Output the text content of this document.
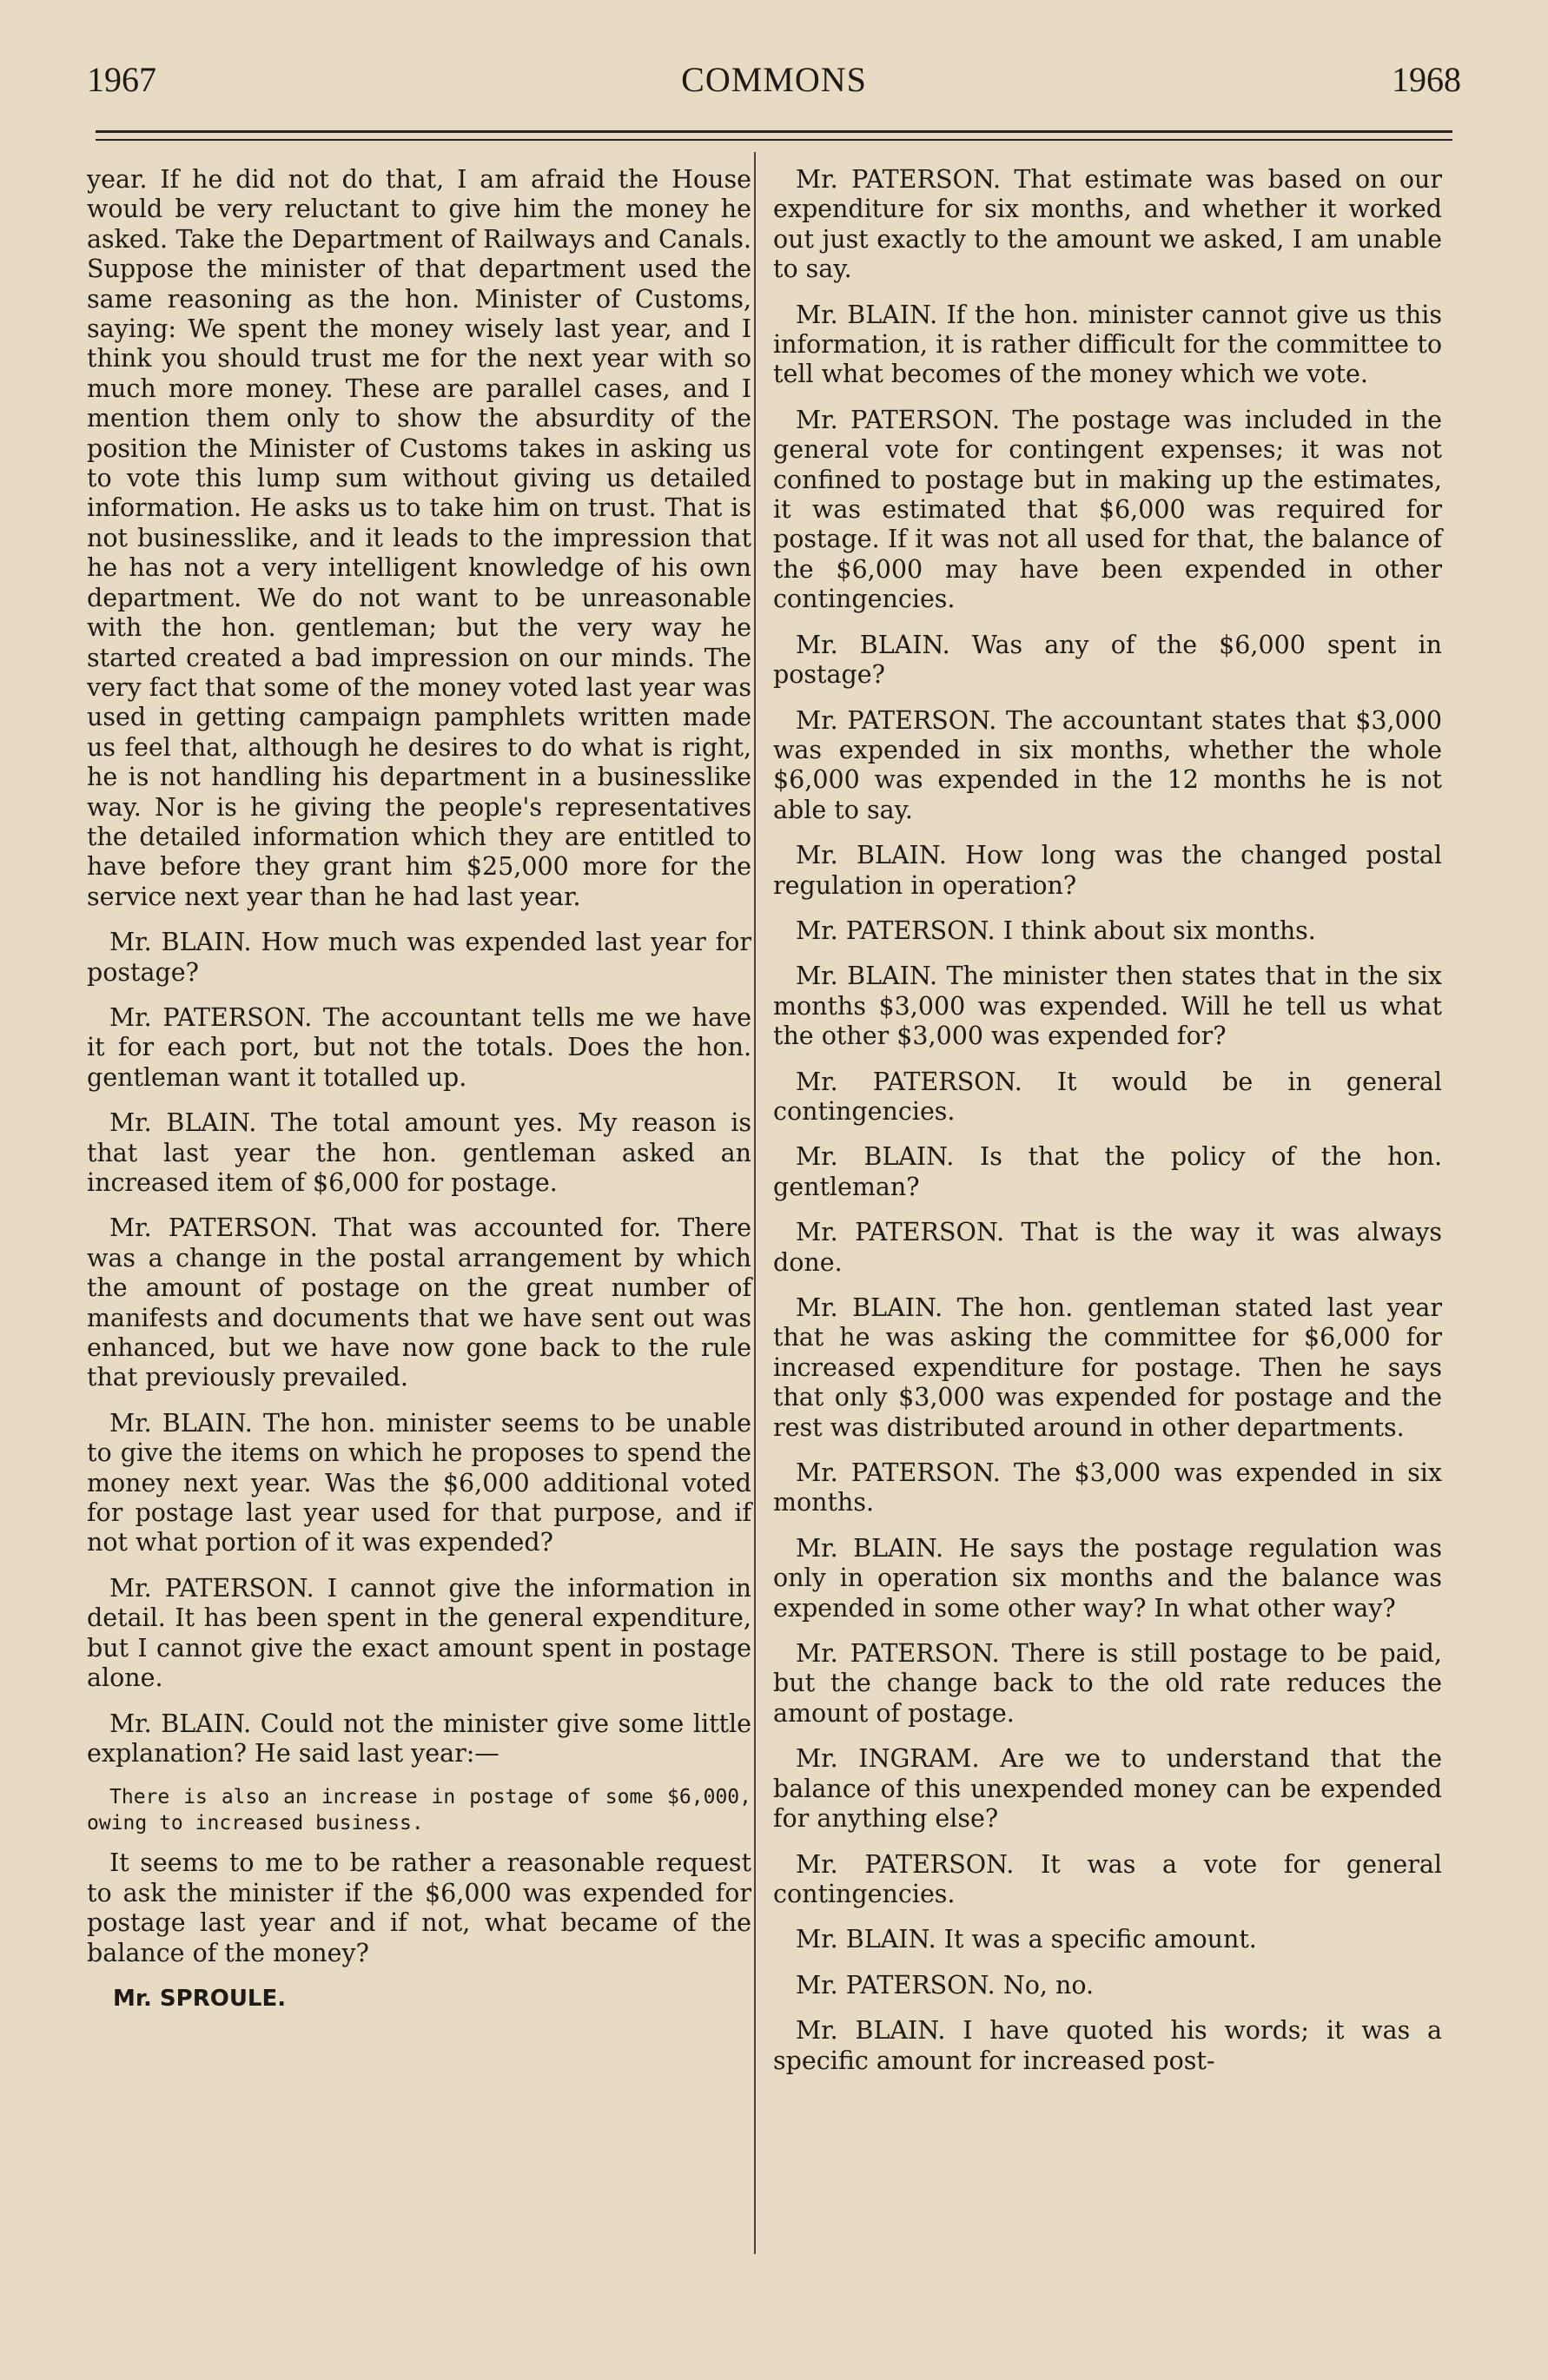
1967	COMMONS	1968

year. If he did not do that, I am afraid the House would be very reluctant to give him the money he asked. Take the Department of Railways and Canals. Suppose the minister of that department used the same reasoning as the hon. Minister of Customs, saying: We spent the money wisely last year, and I think you should trust me for the next year with so much more money. These are parallel cases, and I mention them only to show the absurdity of the position the Minister of Customs takes in asking us to vote this lump sum without giving us detailed information. He asks us to take him on trust. That is not businesslike, and it leads to the impression that he has not a very intelligent knowledge of his own department. We do not want to be unreasonable with the hon. gentleman; but the very way he started created a bad impression on our minds. The very fact that some of the money voted last year was used in getting campaign pamphlets written made us feel that, although he desires to do what is right, he is not handling his department in a businesslike way. Nor is he giving the people's representatives the detailed information which they are entitled to have before they grant him $25,000 more for the service next year than he had last year.

Mr. BLAIN. How much was expended last year for postage?

Mr. PATERSON. The accountant tells me we have it for each port, but not the totals. Does the hon. gentleman want it totalled up.

Mr. BLAIN. The total amount yes. My reason is that last year the hon. gentleman asked an increased item of $6,000 for postage.

Mr. PATERSON. That was accounted for. There was a change in the postal arrangement by which the amount of postage on the great number of manifests and documents that we have sent out was enhanced, but we have now gone back to the rule that previously prevailed.

Mr. BLAIN. The hon. minister seems to be unable to give the items on which he proposes to spend the money next year. Was the $6,000 additional voted for postage last year used for that purpose, and if not what portion of it was expended?

Mr. PATERSON. I cannot give the information in detail. It has been spent in the general expenditure, but I cannot give the exact amount spent in postage alone.

Mr. BLAIN. Could not the minister give some little explanation? He said last year:—

There is also an increase in postage of some $6,000, owing to increased business.

It seems to me to be rather a reasonable request to ask the minister if the $6,000 was expended for postage last year and if not, what became of the balance of the money?

Mr. SPROULE.

Mr. PATERSON. That estimate was based on our expenditure for six months, and whether it worked out just exactly to the amount we asked, I am unable to say.

Mr. BLAIN. If the hon. minister cannot give us this information, it is rather difficult for the committee to tell what becomes of the money which we vote.

Mr. PATERSON. The postage was included in the general vote for contingent expenses; it was not confined to postage but in making up the estimates, it was estimated that $6,000 was required for postage. If it was not all used for that, the balance of the $6,000 may have been expended in other contingencies.

Mr. BLAIN. Was any of the $6,000 spent in postage?

Mr. PATERSON. The accountant states that $3,000 was expended in six months, whether the whole $6,000 was expended in the 12 months he is not able to say.

Mr. BLAIN. How long was the changed postal regulation in operation?

Mr. PATERSON. I think about six months.

Mr. BLAIN. The minister then states that in the six months $3,000 was expended. Will he tell us what the other $3,000 was expended for?

Mr. PATERSON. It would be in general contingencies.

Mr. BLAIN. Is that the policy of the hon. gentleman?

Mr. PATERSON. That is the way it was always done.

Mr. BLAIN. The hon. gentleman stated last year that he was asking the committee for $6,000 for increased expenditure for postage. Then he says that only $3,000 was expended for postage and the rest was distributed around in other departments.

Mr. PATERSON. The $3,000 was expended in six months.

Mr. BLAIN. He says the postage regulation was only in operation six months and the balance was expended in some other way? In what other way?

Mr. PATERSON. There is still postage to be paid, but the change back to the old rate reduces the amount of postage.

Mr. INGRAM. Are we to understand that the balance of this unexpended money can be expended for anything else?

Mr. PATERSON. It was a vote for general contingencies.

Mr. BLAIN. It was a specific amount.

Mr. PATERSON. No, no.

Mr. BLAIN. I have quoted his words; it was a specific amount for increased post-
